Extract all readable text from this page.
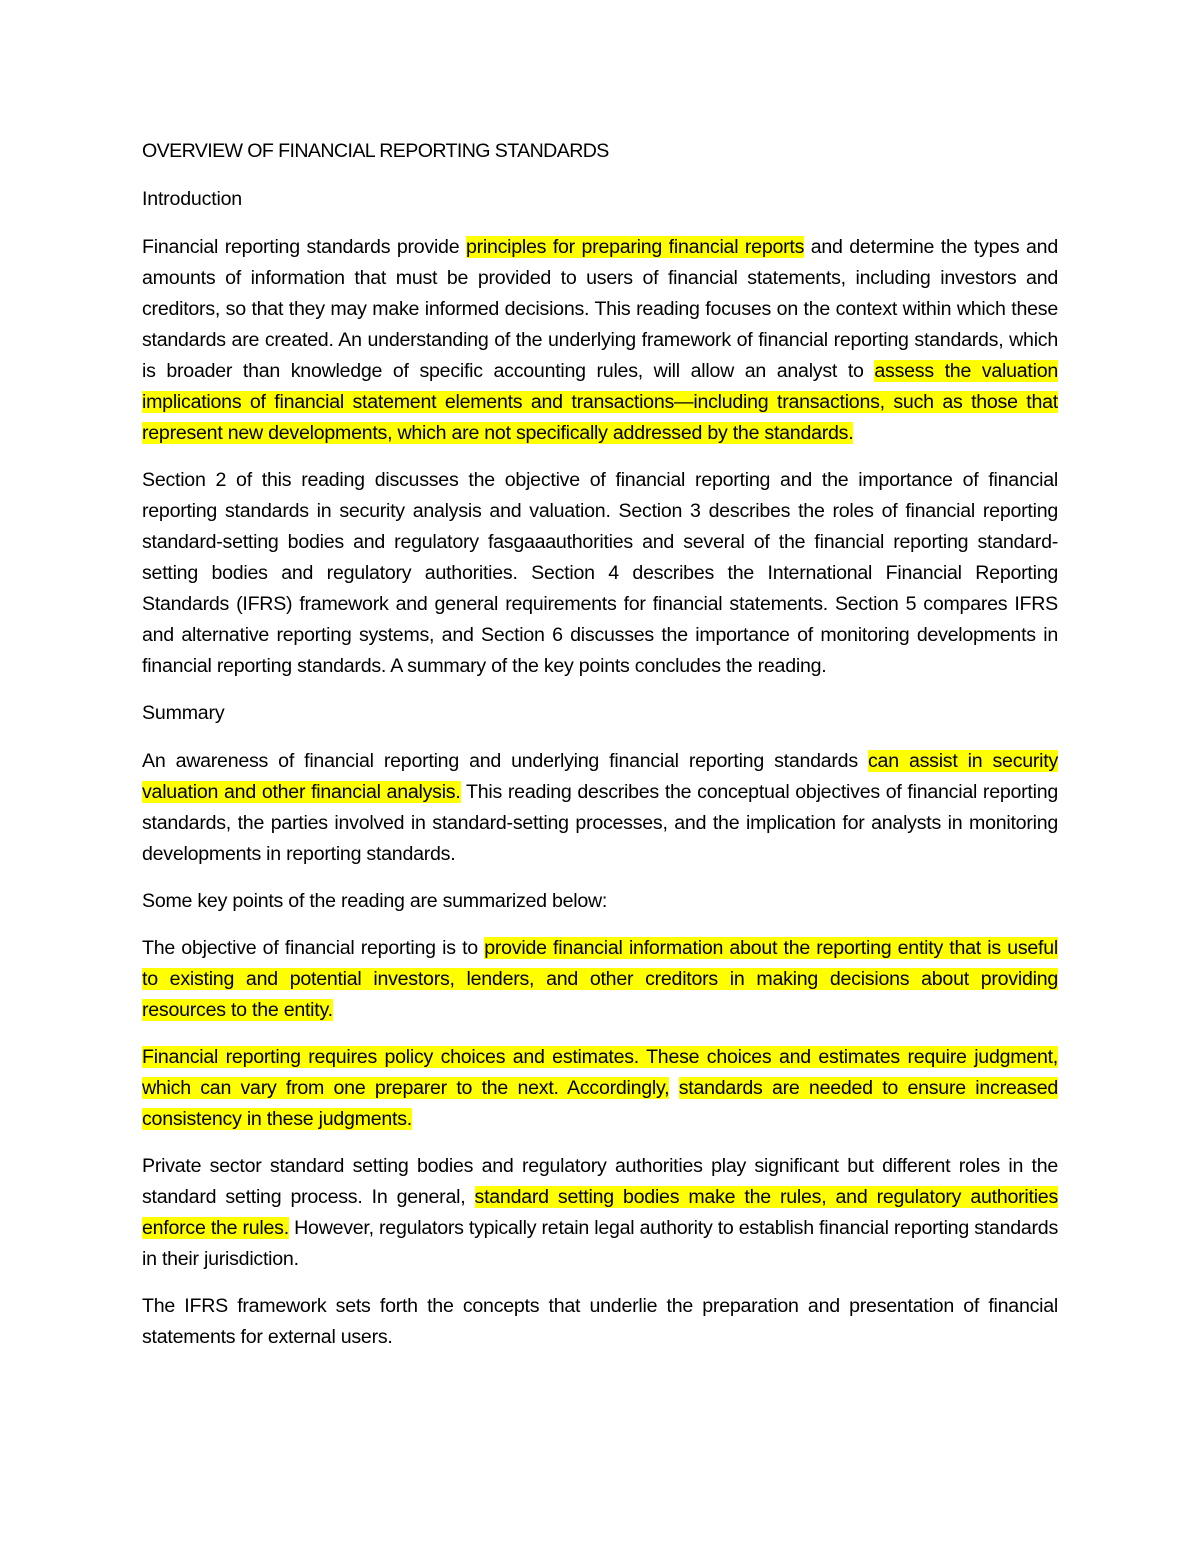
OVERVIEW OF FINANCIAL REPORTING STANDARDS
Introduction

Financial reporting standards provide principles for preparing financial reports and determine the types and amounts of information that must be provided to users of financial statements, including investors and creditors, so that they may make informed decisions. This reading focuses on the context within which these standards are created. An understanding of the underlying framework of financial reporting standards, which is broader than knowledge of specific accounting rules, will allow an analyst to assess the valuation implications of financial statement elements and transactions—including transactions, such as those that represent new developments, which are not specifically addressed by the standards.

Section 2 of this reading discusses the objective of financial reporting and the importance of financial reporting standards in security analysis and valuation. Section 3 describes the roles of financial reporting standard-setting bodies and regulatory fasgaaauthorities and several of the financial reporting standard-setting bodies and regulatory authorities. Section 4 describes the International Financial Reporting Standards (IFRS) framework and general requirements for financial statements. Section 5 compares IFRS and alternative reporting systems, and Section 6 discusses the importance of monitoring developments in financial reporting standards. A summary of the key points concludes the reading.

Summary

An awareness of financial reporting and underlying financial reporting standards can assist in security valuation and other financial analysis. This reading describes the conceptual objectives of financial reporting standards, the parties involved in standard-setting processes, and the implication for analysts in monitoring developments in reporting standards.

Some key points of the reading are summarized below:

The objective of financial reporting is to provide financial information about the reporting entity that is useful to existing and potential investors, lenders, and other creditors in making decisions about providing resources to the entity.

Financial reporting requires policy choices and estimates. These choices and estimates require judgment, which can vary from one preparer to the next. Accordingly, standards are needed to ensure increased consistency in these judgments.

Private sector standard setting bodies and regulatory authorities play significant but different roles in the standard setting process. In general, standard setting bodies make the rules, and regulatory authorities enforce the rules. However, regulators typically retain legal authority to establish financial reporting standards in their jurisdiction.

The IFRS framework sets forth the concepts that underlie the preparation and presentation of financial statements for external users.
